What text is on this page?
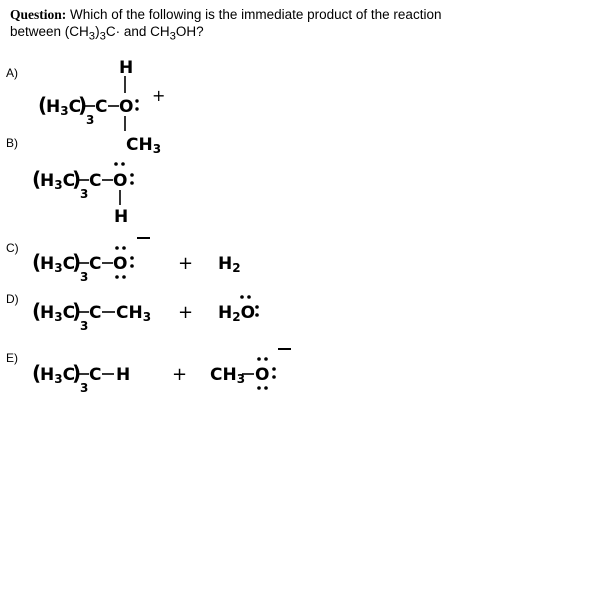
Question: Which of the following is the immediate product of the reaction between $(CH_3)_3C\cdot$ and $CH_3OH$?
A)
B)
C)
D)
E)
(
H3C
)
3
C O
H
CH3
+
(
H3C
)
3
C O
H
(
H3C
)
3
C O	+ H2
(
H3C
)
3
C CH3 + H2O
(
H3C
)
3
C H + CH3 O
